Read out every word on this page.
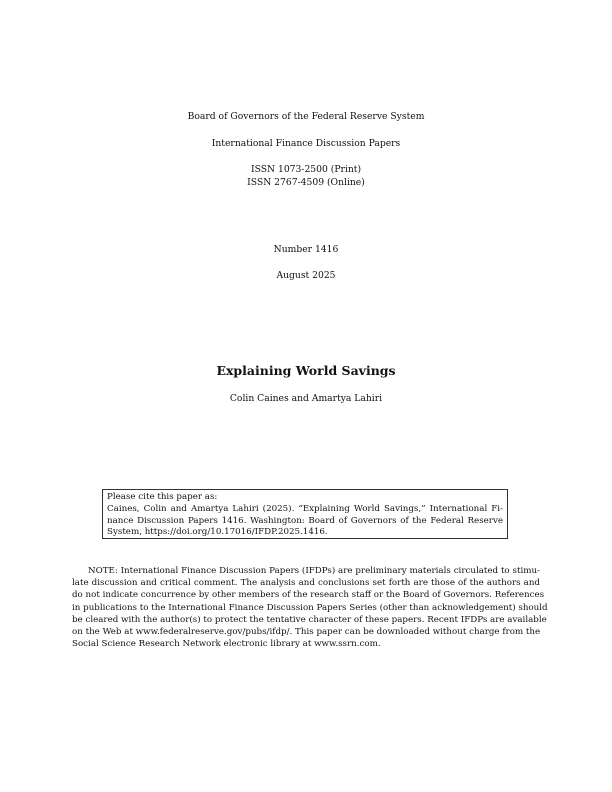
Board of Governors of the Federal Reserve System
International Finance Discussion Papers
ISSN 1073-2500 (Print)
ISSN 2767-4509 (Online)
Number 1416
August 2025
Explaining World Savings
Colin Caines and Amartya Lahiri
Please cite this paper as:
Caines, Colin and Amartya Lahiri (2025). “Explaining World Savings,” International Fi-
nance Discussion Papers 1416. Washington: Board of Governors of the Federal Reserve
System, https://doi.org/10.17016/IFDP.2025.1416.
NOTE: International Finance Discussion Papers (IFDPs) are preliminary materials circulated to stimu-
late discussion and critical comment. The analysis and conclusions set forth are those of the authors and
do not indicate concurrence by other members of the research staff or the Board of Governors. References
in publications to the International Finance Discussion Papers Series (other than acknowledgement) should
be cleared with the author(s) to protect the tentative character of these papers. Recent IFDPs are available
on the Web at www.federalreserve.gov/pubs/ifdp/. This paper can be downloaded without charge from the
Social Science Research Network electronic library at www.ssrn.com.
